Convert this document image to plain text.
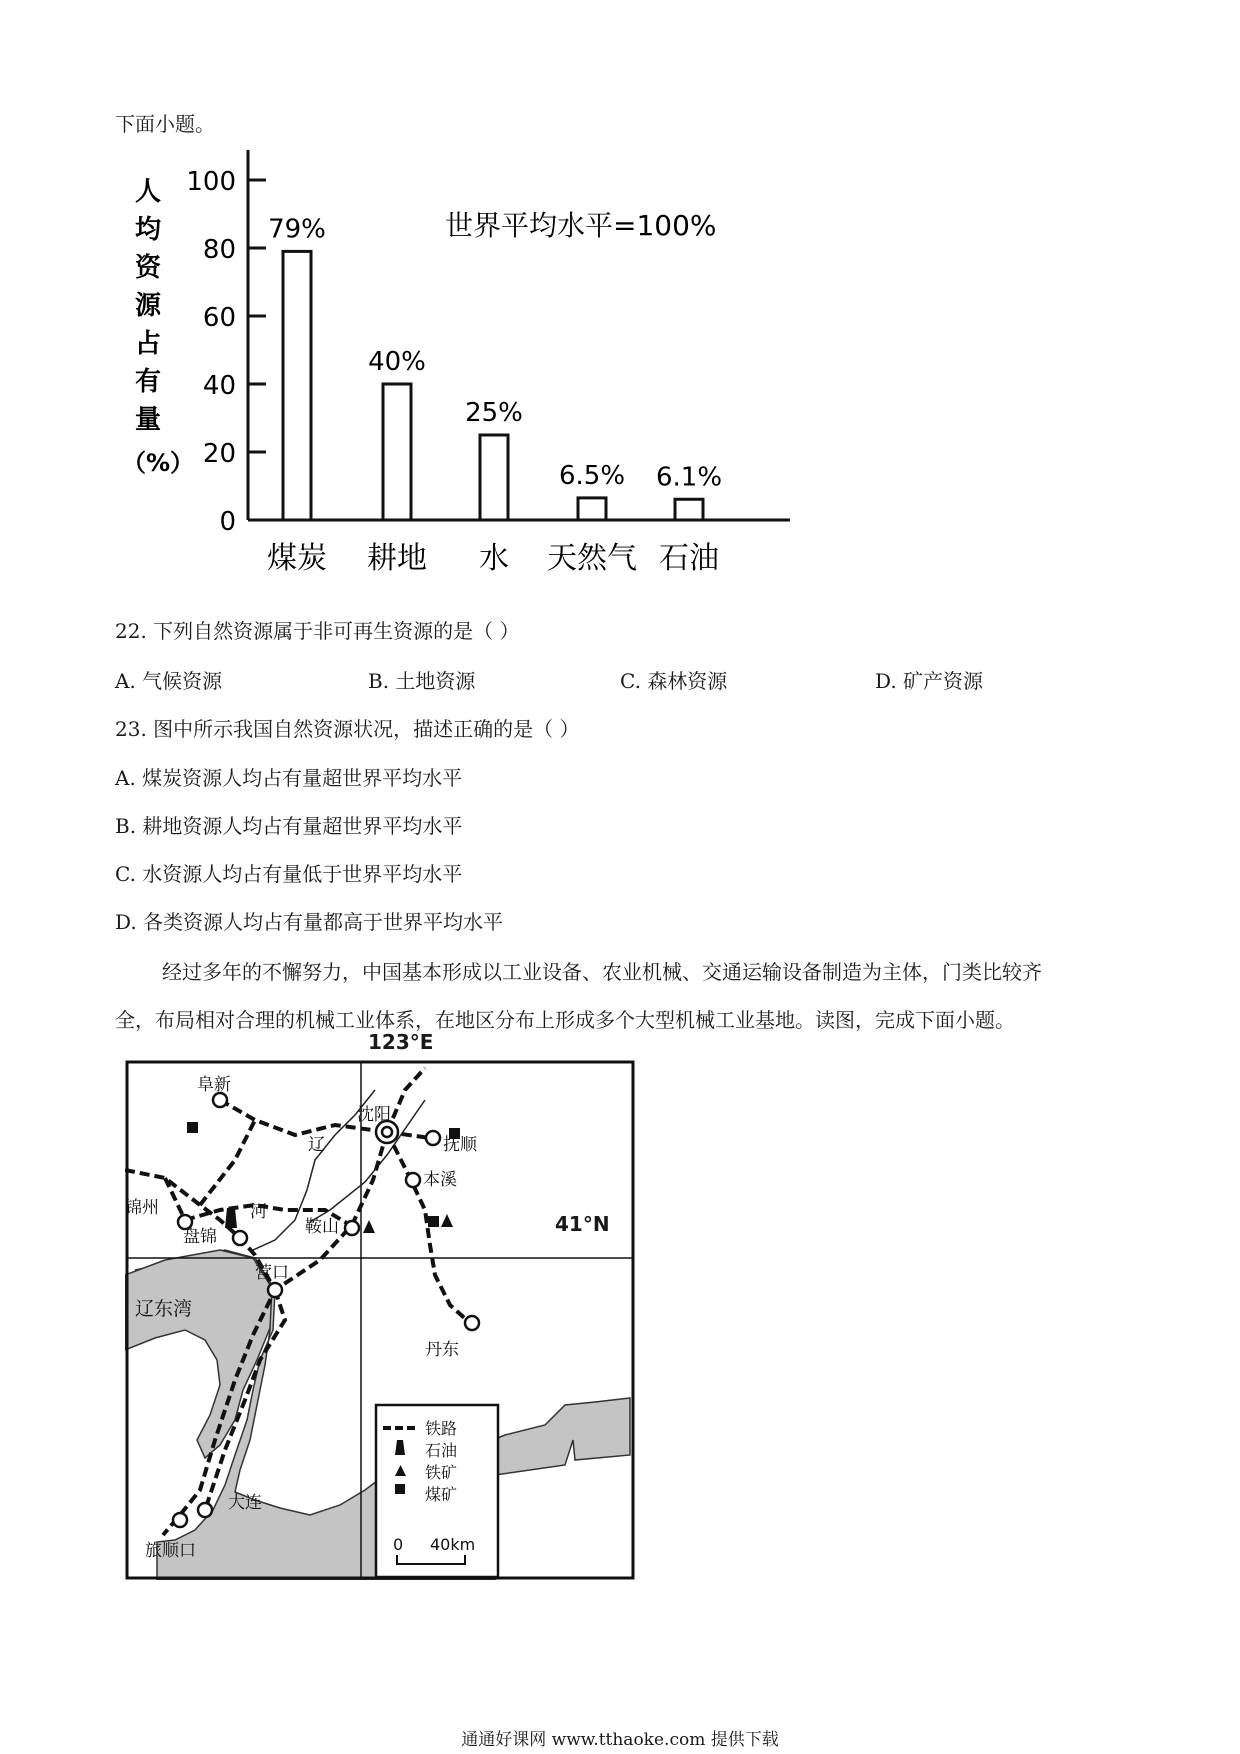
下面小题。
人
均
资
源
占
有
量
（%）
0
20
40
60
80
100
煤炭 耕地 水 天然气 石油
79%
40%
25%
6.5% 6.1%
世界平均水平=100%
22. 下列自然资源属于非可再生资源的是（ ）
A. 气候资源	B. 土地资源	C. 森林资源	D. 矿产资源
23. 图中所示我国自然资源状况，描述正确的是（ ）
A. 煤炭资源人均占有量超世界平均水平
B. 耕地资源人均占有量超世界平均水平
C. 水资源人均占有量低于世界平均水平
D. 各类资源人均占有量都高于世界平均水平
经过多年的不懈努力，中国基本形成以工业设备、农业机械、交通运输设备制造为主体，门类比较齐
全，布局相对合理的机械工业体系，在地区分布上形成多个大型机械工业基地。读图，完成下面小题。
阜新
沈阳
抚顺
锦州
盘锦	鞍山
本溪
营口
丹东
大连
旅顺口
辽
河
辽东湾
铁路
石油
铁矿
煤矿
0 40km
123°E
41°N
通通好课网 www.tthaoke.com 提供下载
